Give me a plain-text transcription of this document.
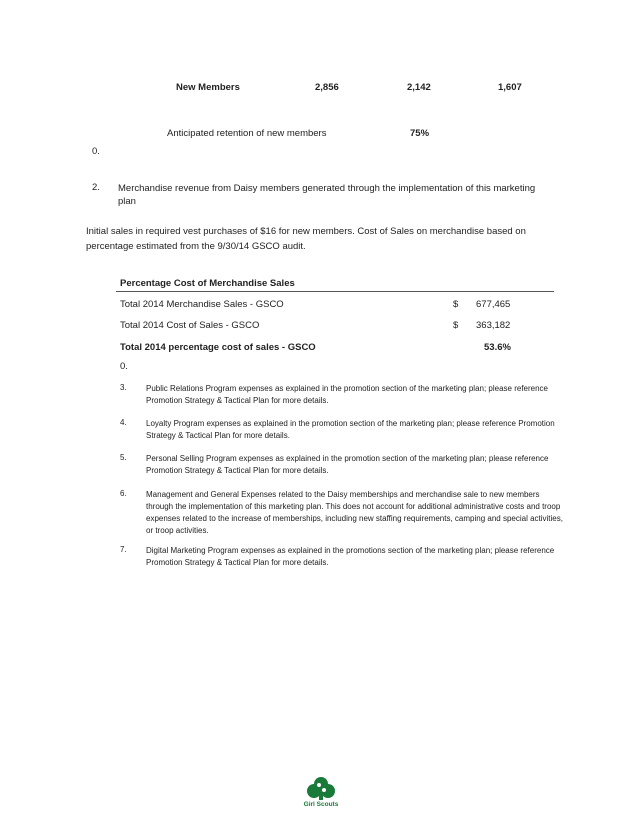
New Members	2,856	2,142	1,607
Anticipated retention of new members	75%
0.
2. Merchandise revenue from Daisy members generated through the implementation of this marketing plan
Initial sales in required vest purchases of $16 for new members. Cost of Sales on merchandise based on percentage estimated from the 9/30/14 GSCO audit.
Percentage Cost of Merchandise Sales
Total 2014 Merchandise Sales - GSCO	$ 677,465
Total 2014 Cost of Sales - GSCO	$ 363,182
Total 2014 percentage cost of sales - GSCO	53.6%
0.
3. Public Relations Program expenses as explained in the promotion section of the marketing plan; please reference Promotion Strategy & Tactical Plan for more details.
4. Loyalty Program expenses as explained in the promotion section of the marketing plan; please reference Promotion Strategy & Tactical Plan for more details.
5. Personal Selling Program expenses as explained in the promotion section of the marketing plan; please reference Promotion Strategy & Tactical Plan for more details.
6. Management and General Expenses related to the Daisy memberships and merchandise sale to new members through the implementation of this marketing plan. This does not account for additional administrative costs and troop expenses related to the increase of memberships, including new staffing requirements, camping and special activities, or troop activities.
7. Digital Marketing Program expenses as explained in the promotions section of the marketing plan; please reference Promotion Strategy & Tactical Plan for more details.
Girl Scouts
